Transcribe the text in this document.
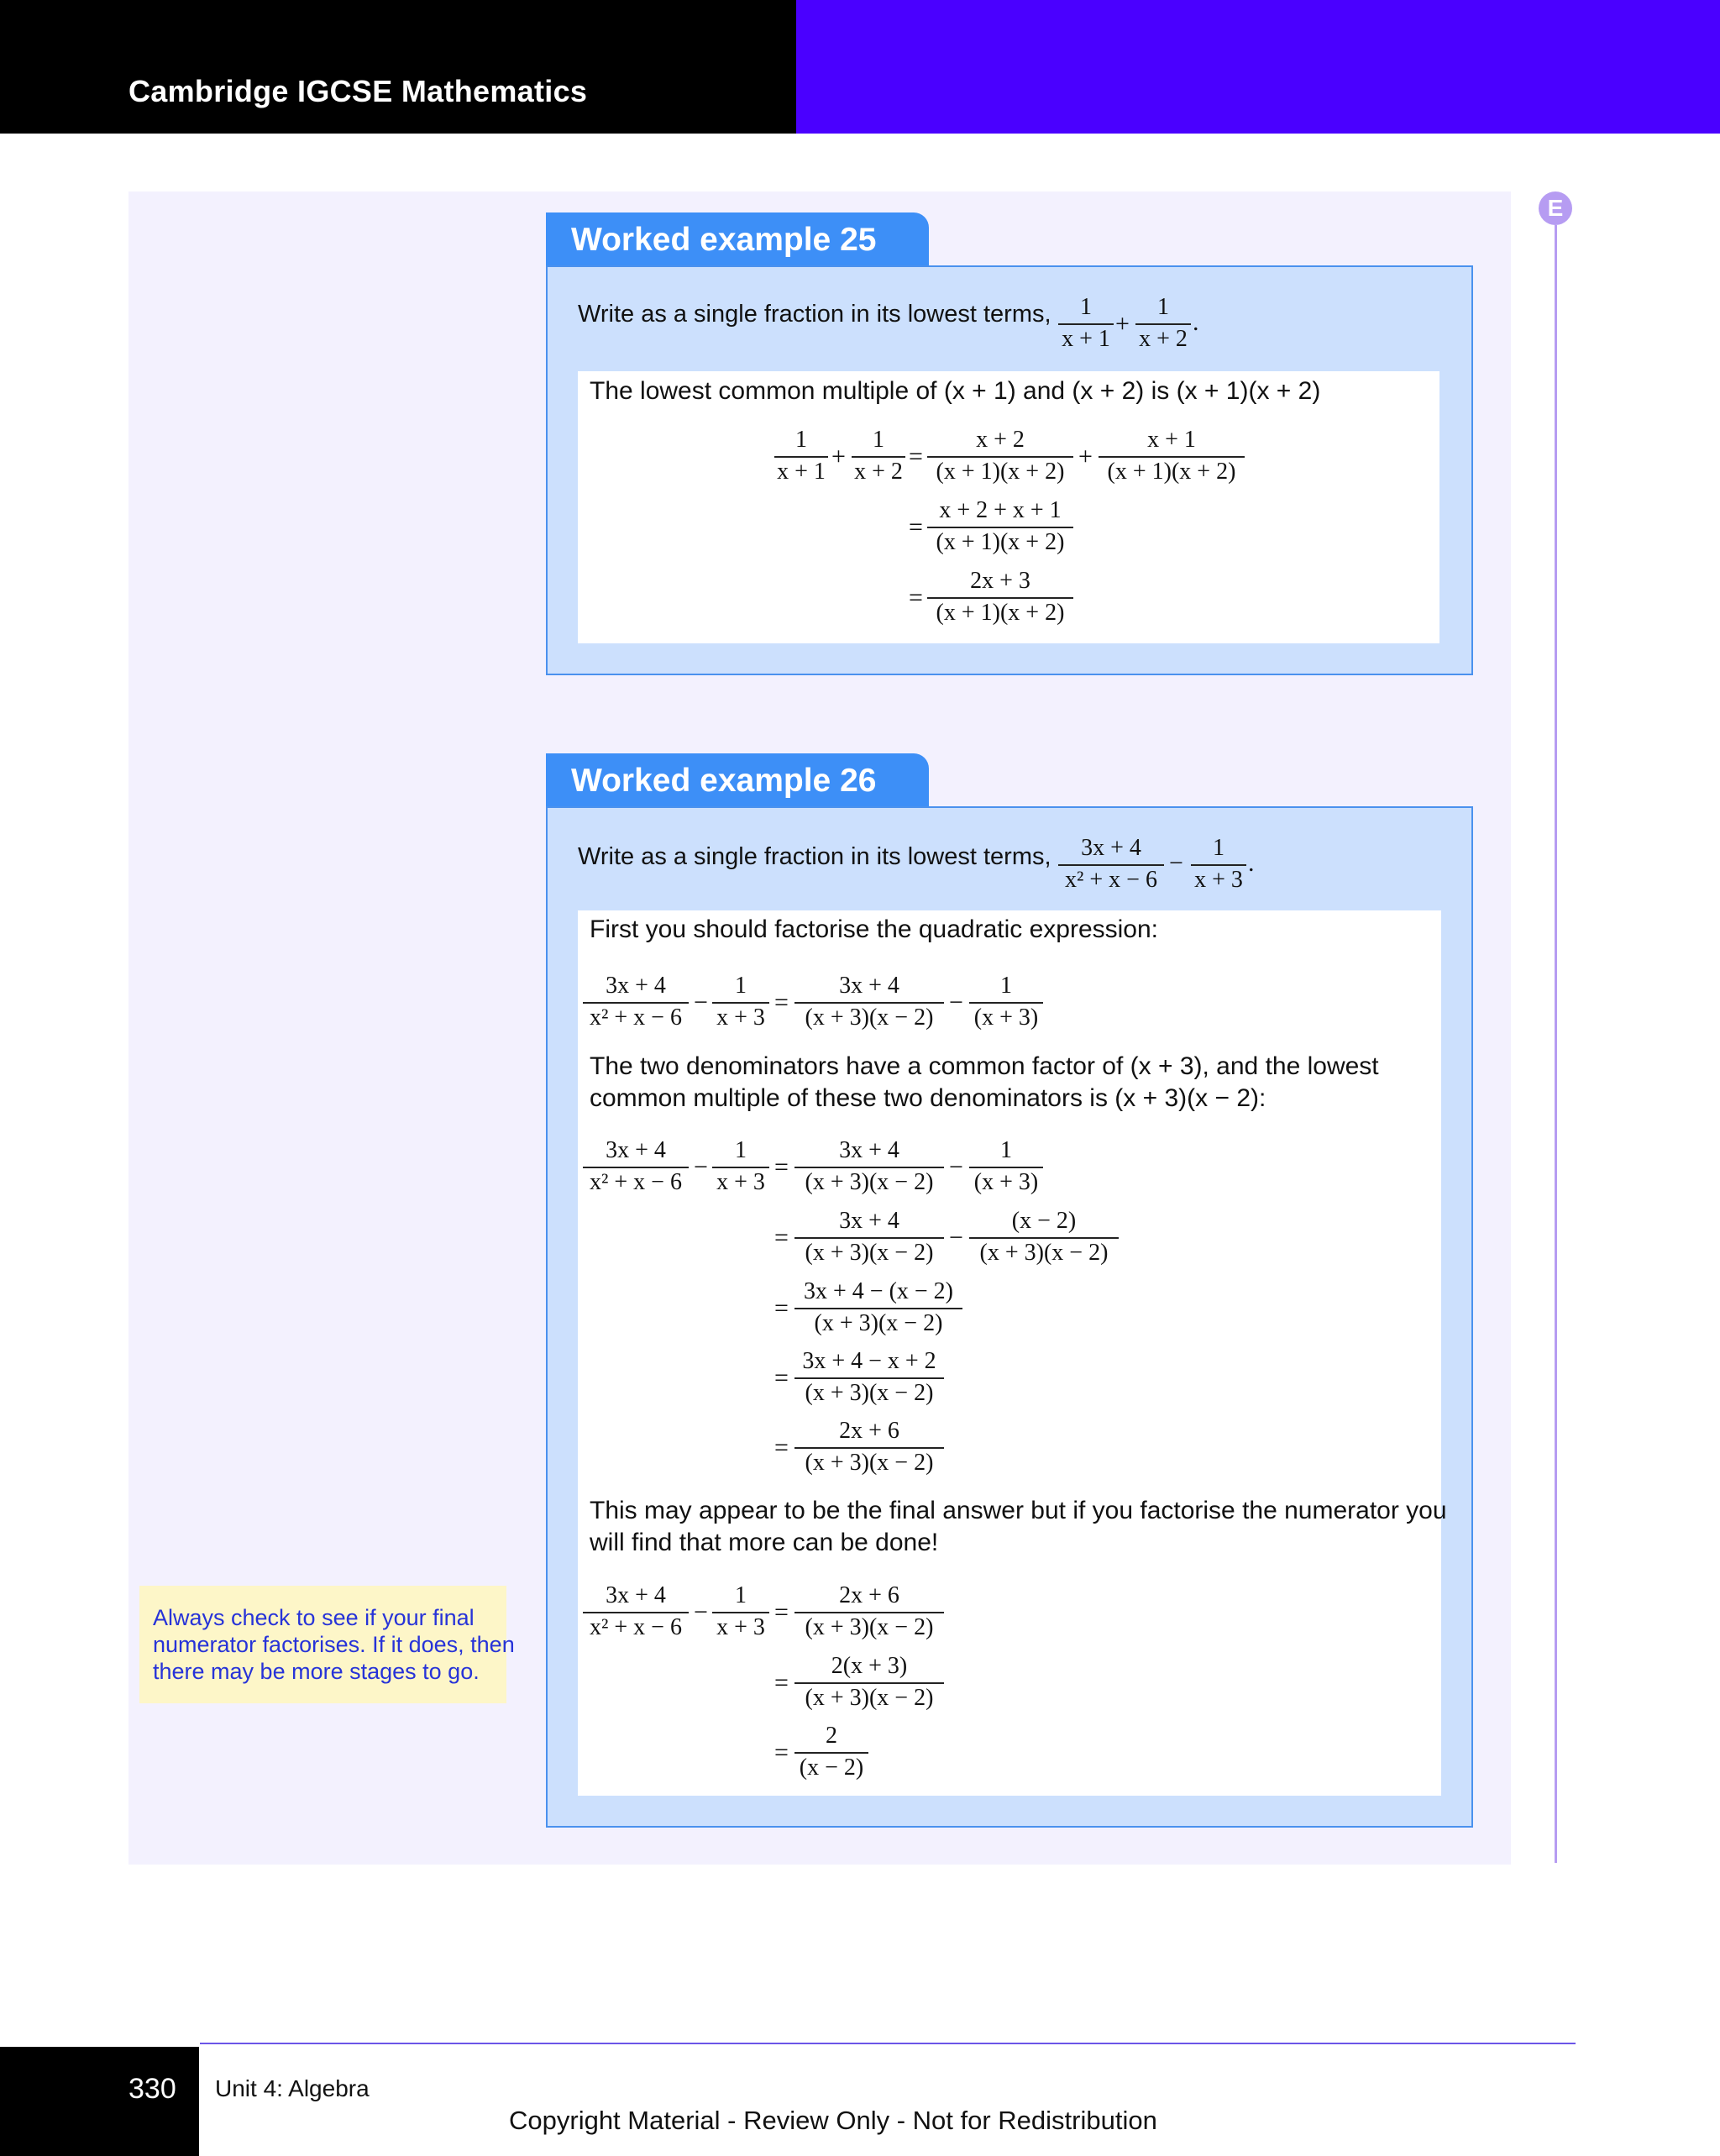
Cambridge IGCSE Mathematics
E
Worked example 25
Write as a single fraction in its lowest terms,	1
x + 1
+
1
x + 2
.
The lowest common multiple of (x + 1) and (x + 2) is (x + 1)(x + 2)
1
x + 1
+
1
x + 2
=
x + 2
(x + 1)(x + 2)
+
x + 1
(x + 1)(x + 2)
=
x + 2 + x + 1
(x + 1)(x + 2)
=
2x + 3
(x + 1)(x + 2)
Worked example 26
Write as a single fraction in its lowest terms,	3x + 4
x² + x − 6
−
1
x + 3
.
First you should factorise the quadratic expression:
3x + 4
x² + x − 6
−
1
x + 3
=
3x + 4
(x + 3)(x − 2)
−
1
(x + 3)
The two denominators have a common factor of (x + 3), and the lowest
common multiple of these two denominators is (x + 3)(x − 2):
3x + 4
x² + x − 6
−
1
x + 3
=
3x + 4
(x + 3)(x − 2)
−
1
(x + 3)
=
3x + 4
(x + 3)(x − 2)
−
(x − 2)
(x + 3)(x − 2)
=
3x + 4 − (x − 2)
(x + 3)(x − 2)
=
3x + 4 − x + 2
(x + 3)(x − 2)
=
2x + 6
(x + 3)(x − 2)
This may appear to be the final answer but if you factorise the numerator you
will find that more can be done!
3x + 4
x² + x − 6
−
1
x + 3
=
2x + 6
(x + 3)(x − 2)
=
2(x + 3)
(x + 3)(x − 2)
=
2
(x − 2)
Always check to see if your final
numerator factorises. If it does, then
there may be more stages to go.
330 Unit 4: Algebra
Copyright Material - Review Only - Not for Redistribution
